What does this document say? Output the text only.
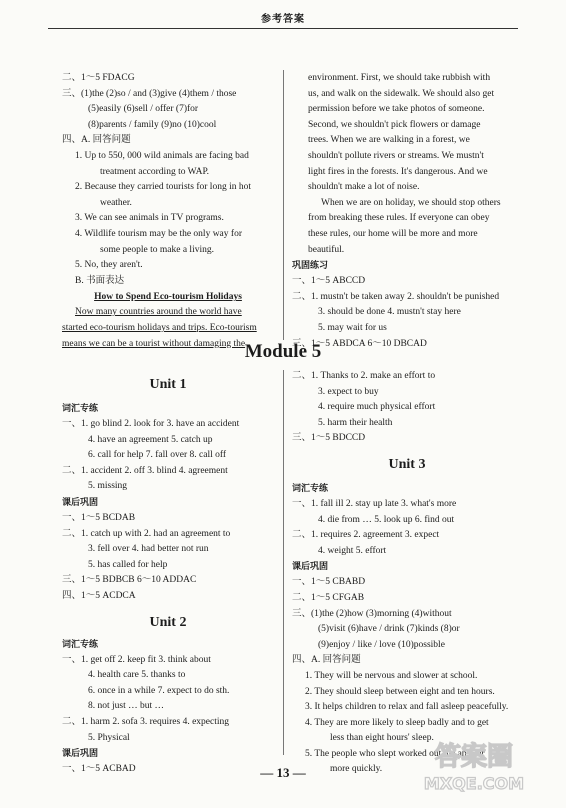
参考答案
二、1～5 FDACG
三、(1)the (2)so / and (3)give (4)them / those
(5)easily (6)sell / offer (7)for
(8)parents / family (9)no (10)cool
四、A. 回答问题
1. Up to 550, 000 wild animals are facing bad
treatment according to WAP.
2. Because they carried tourists for long in hot
weather.
3. We can see animals in TV programs.
4. Wildlife tourism may be the only way for
some people to make a living.
5. No, they aren't.
B. 书面表达
How to Spend Eco-tourism Holidays
Now many countries around the world have
started eco-tourism holidays and trips. Eco-tourism
means we can be a tourist without damaging the
environment. First, we should take rubbish with
us, and walk on the sidewalk. We should also get
permission before we take photos of someone.
Second, we shouldn't pick flowers or damage
trees. When we are walking in a forest, we
shouldn't pollute rivers or streams. We mustn't
light fires in the forests. It's dangerous. And we
shouldn't make a lot of noise.
When we are on holiday, we should stop others
from breaking these rules. If everyone can obey
these rules, our home will be more and more
beautiful.
巩固练习
一、1～5 ABCCD
二、1. mustn't be taken away 2. shouldn't be punished
3. should be done 4. mustn't stay here
5. may wait for us
三、1～5 ABDCA 6～10 DBCAD
Module 5
Unit 1
词汇专练
一、1. go blind 2. look for 3. have an accident
4. have an agreement 5. catch up
6. call for help 7. fall over 8. call off
二、1. accident 2. off 3. blind 4. agreement
5. missing
课后巩固
一、1～5 BCDAB
二、1. catch up with 2. had an agreement to
3. fell over 4. had better not run
5. has called for help
三、1～5 BDBCB 6～10 ADDAC
四、1～5 ACDCA
Unit 2
词汇专练
一、1. get off 2. keep fit 3. think about
4. health care 5. thanks to
6. once in a while 7. expect to do sth.
8. not just … but …
二、1. harm 2. sofa 3. requires 4. expecting
5. Physical
课后巩固
一、1～5 ACBAD
二、1. Thanks to 2. make an effort to
3. expect to buy
4. require much physical effort
5. harm their health
三、1～5 BDCCD
Unit 3
词汇专练
一、1. fall ill 2. stay up late 3. what's more
4. die from … 5. look up 6. find out
二、1. requires 2. agreement 3. expect
4. weight 5. effort
课后巩固
一、1～5 CBABD
二、1～5 CFGAB
三、(1)the (2)how (3)morning (4)without
(5)visit (6)have / drink (7)kinds (8)or
(9)enjoy / like / love (10)possible
四、A. 回答问题
1. They will be nervous and slower at school.
2. They should sleep between eight and ten hours.
3. It helps children to relax and fall asleep peacefully.
4. They are more likely to sleep badly and to get
less than eight hours' sleep.
5. The people who slept worked out the answer
more quickly.
— 13 —
答案圈
MXQE.COM
